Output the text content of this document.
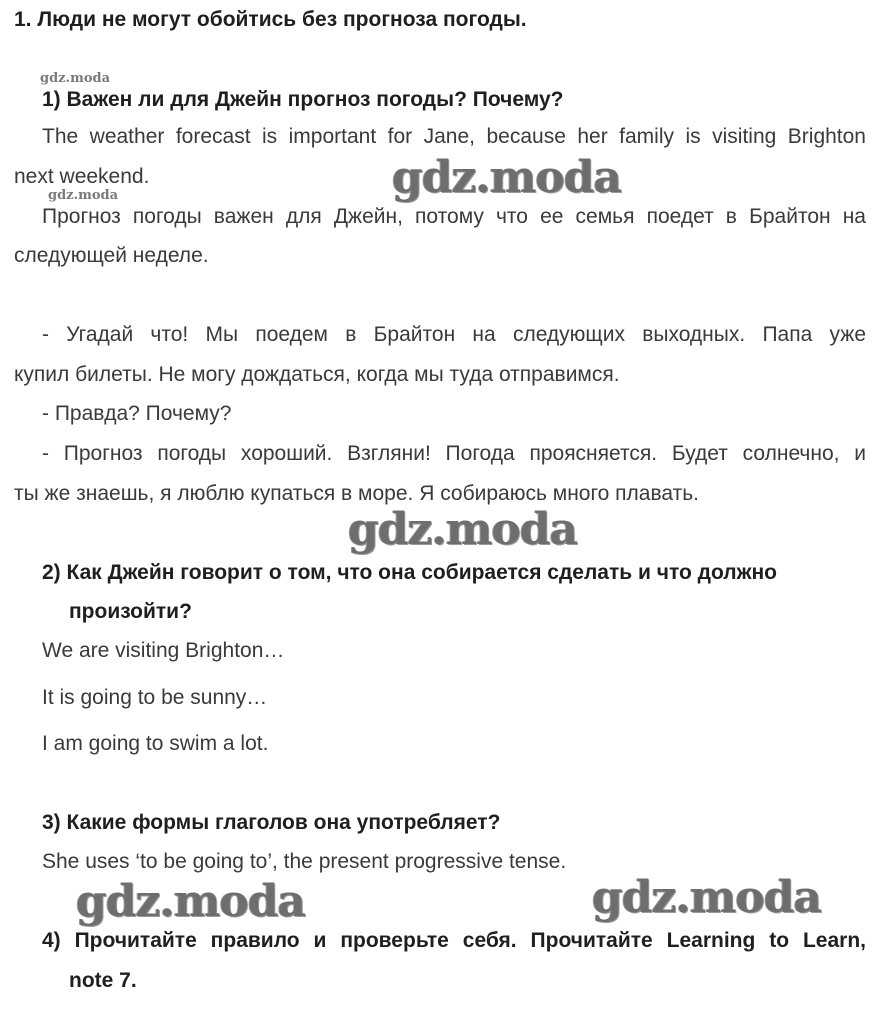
1. Люди не могут обойтись без прогноза погоды.
gdz.moda
gdz.moda
1) Важен ли для Джейн прогноз погоды? Почему?
The weather forecast is important for Jane, because her family is visiting Brighton
next weekend.
Прогноз погоды важен для Джейн, потому что ее семья поедет в Брайтон на
следующей неделе.
gdz.moda
- Угадай что! Мы поедем в Брайтон на следующих выходных. Папа уже
купил билеты. Не могу дождаться, когда мы туда отправимся.
- Правда? Почему?
- Прогноз погоды хороший. Взгляни! Погода проясняется. Будет солнечно, и
ты же знаешь, я люблю купаться в море. Я собираюсь много плавать.
gdz.moda
2) Как Джейн говорит о том, что она собирается сделать и что должно
произойти?
We are visiting Brighton…
It is going to be sunny…
I am going to swim a lot.
3) Какие формы глаголов она употребляет?
She uses ‘to be going to’, the present progressive tense.
gdz.moda	gdz.moda
4) Прочитайте правило и проверьте себя. Прочитайте Learning to Learn,
note 7.
